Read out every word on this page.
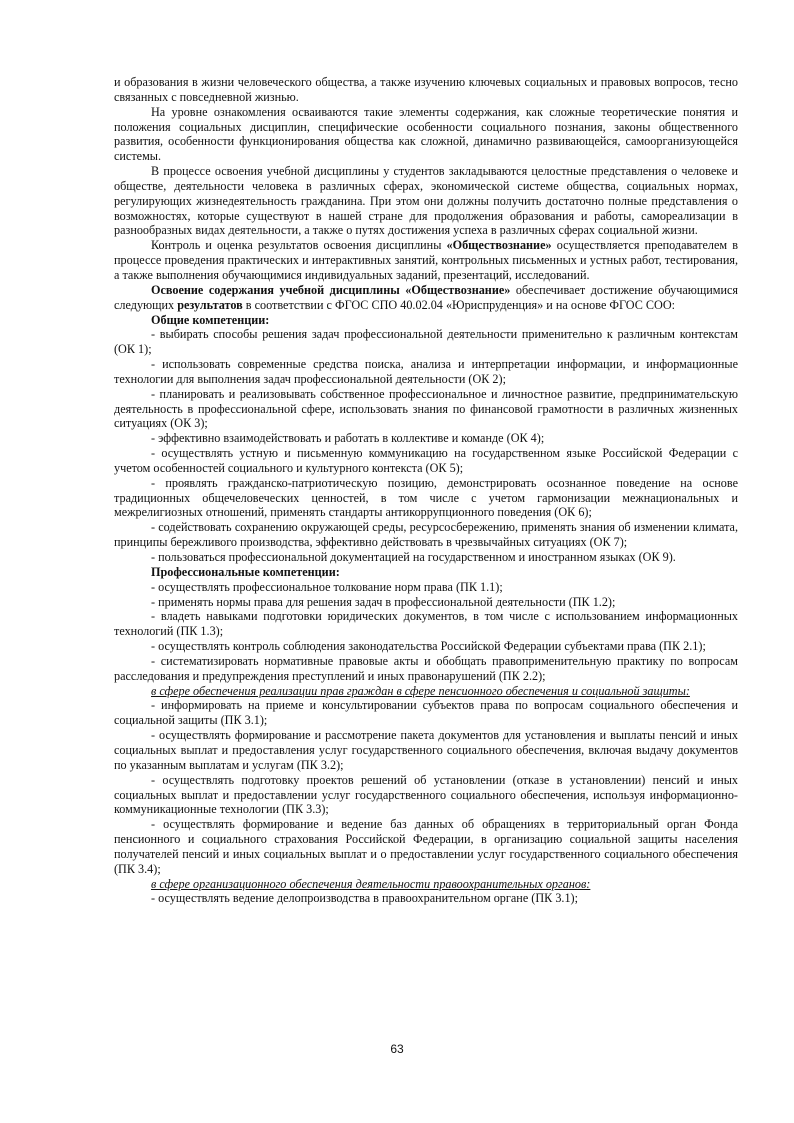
и образования в жизни человеческого общества, а также изучению ключевых социальных и правовых вопросов, тесно связанных с повседневной жизнью.

На уровне ознакомления осваиваются такие элементы содержания, как сложные теоретические понятия и положения социальных дисциплин, специфические особенности социального познания, законы общественного развития, особенности функционирования общества как сложной, динамично развивающейся, самоорганизующейся системы.

В процессе освоения учебной дисциплины у студентов закладываются целостные представления о человеке и обществе, деятельности человека в различных сферах, экономической системе общества, социальных нормах, регулирующих жизнедеятельность гражданина. При этом они должны получить достаточно полные представления о возможностях, которые существуют в нашей стране для продолжения образования и работы, самореализации в разнообразных видах деятельности, а также о путях достижения успеха в различных сферах социальной жизни.

Контроль и оценка результатов освоения дисциплины «Обществознание» осуществляется преподавателем в процессе проведения практических и интерактивных занятий, контрольных письменных и устных работ, тестирования, а также выполнения обучающимися индивидуальных заданий, презентаций, исследований.

Освоение содержания учебной дисциплины «Обществознание» обеспечивает достижение обучающимися следующих результатов в соответствии с ФГОС СПО 40.02.04 «Юриспруденция» и на основе ФГОС СОО:

Общие компетенции:

- выбирать способы решения задач профессиональной деятельности применительно к различным контекстам (ОК 1);

- использовать современные средства поиска, анализа и интерпретации информации, и информационные технологии для выполнения задач профессиональной деятельности (ОК 2);

- планировать и реализовывать собственное профессиональное и личностное развитие, предпринимательскую деятельность в профессиональной сфере, использовать знания по финансовой грамотности в различных жизненных ситуациях (ОК 3);

- эффективно взаимодействовать и работать в коллективе и команде (ОК 4);

- осуществлять устную и письменную коммуникацию на государственном языке Российской Федерации с учетом особенностей социального и культурного контекста (ОК 5);

- проявлять гражданско-патриотическую позицию, демонстрировать осознанное поведение на основе традиционных общечеловеческих ценностей, в том числе с учетом гармонизации межнациональных и межрелигиозных отношений, применять стандарты антикоррупционного поведения (ОК 6);

- содействовать сохранению окружающей среды, ресурсосбережению, применять знания об изменении климата, принципы бережливого производства, эффективно действовать в чрезвычайных ситуациях (ОК 7);

- пользоваться профессиональной документацией на государственном и иностранном языках (ОК 9).

Профессиональные компетенции:

- осуществлять профессиональное толкование норм права (ПК 1.1);

- применять нормы права для решения задач в профессиональной деятельности (ПК 1.2);

- владеть навыками подготовки юридических документов, в том числе с использованием информационных технологий (ПК 1.3);

- осуществлять контроль соблюдения законодательства Российской Федерации субъектами права (ПК 2.1);

- систематизировать нормативные правовые акты и обобщать правоприменительную практику по вопросам расследования и предупреждения преступлений и иных правонарушений (ПК 2.2);

в сфере обеспечения реализации прав граждан в сфере пенсионного обеспечения и социальной защиты:

- информировать на приеме и консультировании субъектов права по вопросам социального обеспечения и социальной защиты (ПК 3.1);

- осуществлять формирование и рассмотрение пакета документов для установления и выплаты пенсий и иных социальных выплат и предоставления услуг государственного социального обеспечения, включая выдачу документов по указанным выплатам и услугам (ПК 3.2);

- осуществлять подготовку проектов решений об установлении (отказе в установлении) пенсий и иных социальных выплат и предоставлении услуг государственного социального обеспечения, используя информационно-коммуникационные технологии (ПК 3.3);

- осуществлять формирование и ведение баз данных об обращениях в территориальный орган Фонда пенсионного и социального страхования Российской Федерации, в организацию социальной защиты населения получателей пенсий и иных социальных выплат и о предоставлении услуг государственного социального обеспечения (ПК 3.4);

в сфере организационного обеспечения деятельности правоохранительных органов:

- осуществлять ведение делопроизводства в правоохранительном органе (ПК 3.1);

63
